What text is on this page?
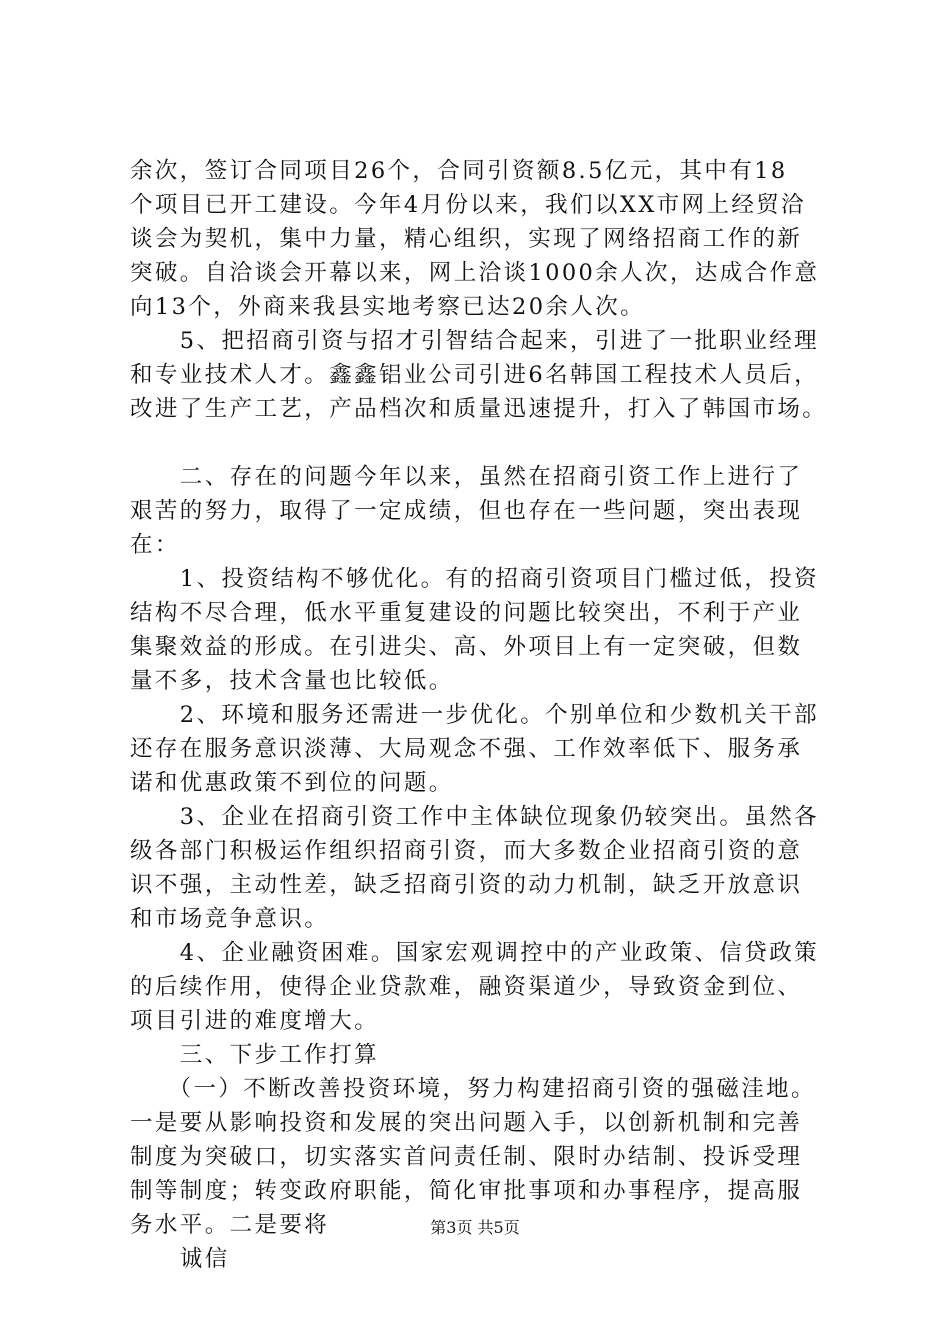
余次，签订合同项目26个，合同引资额8.5亿元，其中有18
个项目已开工建设。今年4月份以来，我们以XX市网上经贸洽
谈会为契机，集中力量，精心组织，实现了网络招商工作的新
突破。自洽谈会开幕以来，网上洽谈1000余人次，达成合作意
向13个，外商来我县实地考察已达20余人次。
　　5、把招商引资与招才引智结合起来，引进了一批职业经理
和专业技术人才。鑫鑫铝业公司引进6名韩国工程技术人员后，
改进了生产工艺，产品档次和质量迅速提升，打入了韩国市场。
　　二、存在的问题今年以来，虽然在招商引资工作上进行了
艰苦的努力，取得了一定成绩，但也存在一些问题，突出表现
在：
　　1、投资结构不够优化。有的招商引资项目门槛过低，投资
结构不尽合理，低水平重复建设的问题比较突出，不利于产业
集聚效益的形成。在引进尖、高、外项目上有一定突破，但数
量不多，技术含量也比较低。
　　2、环境和服务还需进一步优化。个别单位和少数机关干部
还存在服务意识淡薄、大局观念不强、工作效率低下、服务承
诺和优惠政策不到位的问题。
　　3、企业在招商引资工作中主体缺位现象仍较突出。虽然各
级各部门积极运作组织招商引资，而大多数企业招商引资的意
识不强，主动性差，缺乏招商引资的动力机制，缺乏开放意识
和市场竞争意识。
　　4、企业融资困难。国家宏观调控中的产业政策、信贷政策
的后续作用，使得企业贷款难，融资渠道少，导致资金到位、
项目引进的难度增大。
　　三、下步工作打算
　　（一）不断改善投资环境，努力构建招商引资的强磁洼地。
一是要从影响投资和发展的突出问题入手，以创新机制和完善
制度为突破口，切实落实首问责任制、限时办结制、投诉受理
制等制度；转变政府职能，简化审批事项和办事程序，提高服
务水平。二是要将
　　诚信
第3页 共5页
